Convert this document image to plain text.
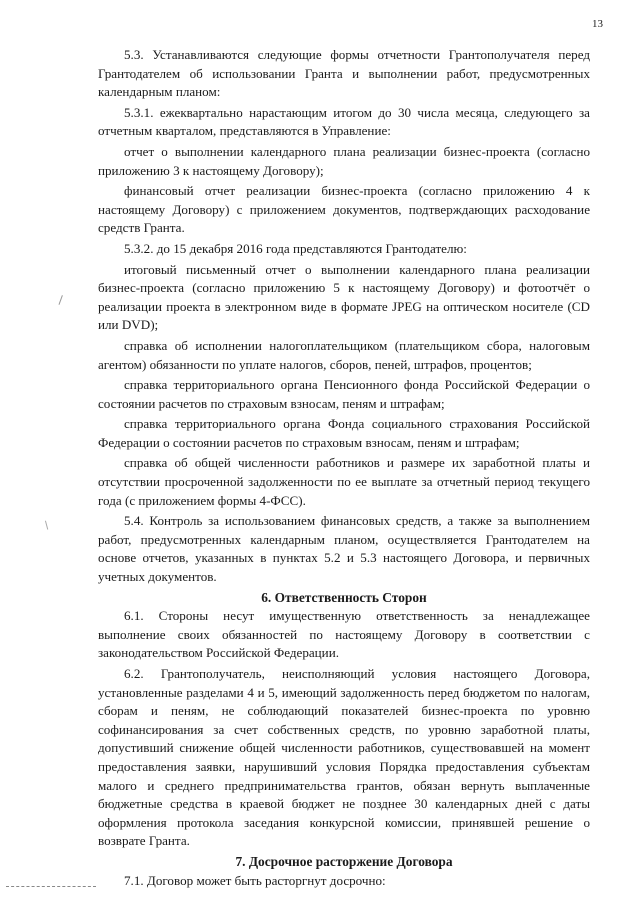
13

5.3. Устанавливаются следующие формы отчетности Грантополучателя перед Грантодателем об использовании Гранта и выполнении работ, предусмотренных календарным планом:

5.3.1. ежеквартально нарастающим итогом до 30 числа месяца, следующего за отчетным кварталом, представляются в Управление:

отчет о выполнении календарного плана реализации бизнес-проекта (согласно приложению 3 к настоящему Договору);

финансовый отчет реализации бизнес-проекта (согласно приложению 4 к настоящему Договору) с приложением документов, подтверждающих расходование средств Гранта.

5.3.2. до 15 декабря 2016 года представляются Грантодателю:

итоговый письменный отчет о выполнении календарного плана реализации бизнес-проекта (согласно приложению 5 к настоящему Договору) и фотоотчёт о реализации проекта в электронном виде в формате JPEG на оптическом носителе (CD или DVD);

справка об исполнении налогоплательщиком (плательщиком сбора, налоговым агентом) обязанности по уплате налогов, сборов, пеней, штрафов, процентов;

справка территориального органа Пенсионного фонда Российской Федерации о состоянии расчетов по страховым взносам, пеням и штрафам;

справка территориального органа Фонда социального страхования Российской Федерации о состоянии расчетов по страховым взносам, пеням и штрафам;

справка об общей численности работников и размере их заработной платы и отсутствии просроченной задолженности по ее выплате за отчетный период текущего года (с приложением формы 4-ФСС).

5.4. Контроль за использованием финансовых средств, а также за выполнением работ, предусмотренных календарным планом, осуществляется Грантодателем на основе отчетов, указанных в пунктах 5.2 и 5.3 настоящего Договора, и первичных учетных документов.

6. Ответственность Сторон

6.1. Стороны несут имущественную ответственность за ненадлежащее выполнение своих обязанностей по настоящему Договору в соответствии с законодательством Российской Федерации.

6.2. Грантополучатель, неисполняющий условия настоящего Договора, установленные разделами 4 и 5, имеющий задолженность перед бюджетом по налогам, сборам и пеням, не соблюдающий показателей бизнес-проекта по уровню софинансирования за счет собственных средств, по уровню заработной платы, допустивший снижение общей численности работников, существовавшей на момент предоставления заявки, нарушивший условия Порядка предоставления субъектам малого и среднего предпринимательства грантов, обязан вернуть выплаченные бюджетные средства в краевой бюджет не позднее 30 календарных дней с даты оформления протокола заседания конкурсной комиссии, принявшей решение о возврате Гранта.

7. Досрочное расторжение Договора

7.1. Договор может быть расторгнут досрочно:
